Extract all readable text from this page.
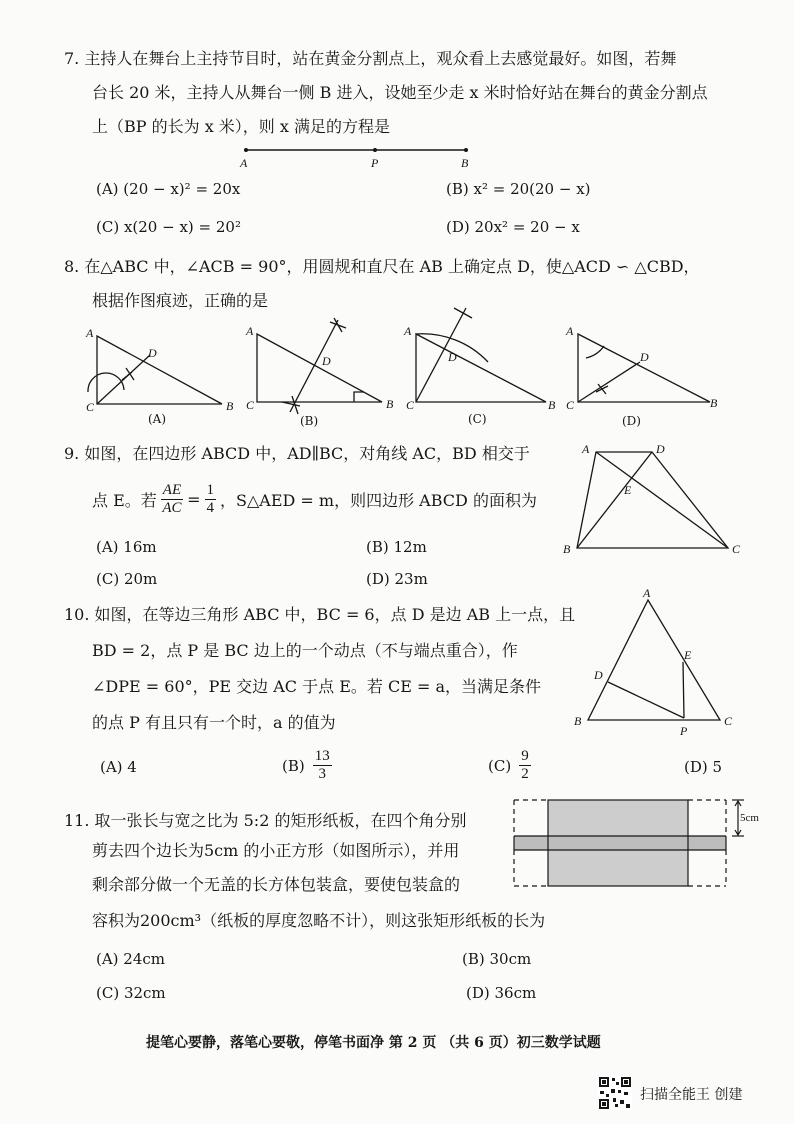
7. 主持人在舞台上主持节目时，站在黄金分割点上，观众看上去感觉最好。如图，若舞
台长 20 米，主持人从舞台一侧 B 进入，设她至少走 x 米时恰好站在舞台的黄金分割点
上（BP 的长为 x 米），则 x 满足的方程是
A	P	B
(A) (20 − x)² = 20x	(B) x² = 20(20 − x)
(C) x(20 − x) = 20²	(D) 20x² = 20 − x
8. 在△ABC 中，∠ACB = 90°，用圆规和直尺在 AB 上确定点 D，使△ACD ∽ △CBD，
根据作图痕迹，正确的是
A
D
C	B
(A)
A
D
C	B
(B)
A
D
C	B
(C)
A
D
C	B
(D)
9. 如图，在四边形 ABCD 中，AD∥BC，对角线 AC，BD 相交于
点 E。若 $\frac{AE}{AC} = \frac{1}{4}$ ，S△AED = m，则四边形 ABCD 的面积为
A	D
E
B	C
(A) 16m	(B) 12m
(C) 20m	(D) 23m
10. 如图，在等边三角形 ABC 中，BC = 6，点 D 是边 AB 上一点，且
BD = 2，点 P 是 BC 边上的一个动点（不与端点重合），作
∠DPE = 60°，PE 交边 AC 于点 E。若 CE = a，当满足条件
的点 P 有且只有一个时，a 的值为
A
B	C
D
E
P
(A) 4	$(B) \frac{13}{3}$	$(C) \frac{9}{2}$	(D) 5
11. 取一张长与宽之比为 5:2 的矩形纸板，在四个角分别
剪去四个边长为5cm 的小正方形（如图所示），并用
剩余部分做一个无盖的长方体包装盒，要使包装盒的
容积为200cm³（纸板的厚度忽略不计），则这张矩形纸板的长为
5cm
(A) 24cm	(B) 30cm
(C) 32cm	(D) 36cm
提笔心要静，落笔心要敬，停笔书面净 第 2 页 （共 6 页）初三数学试题
扫描全能王 创建
